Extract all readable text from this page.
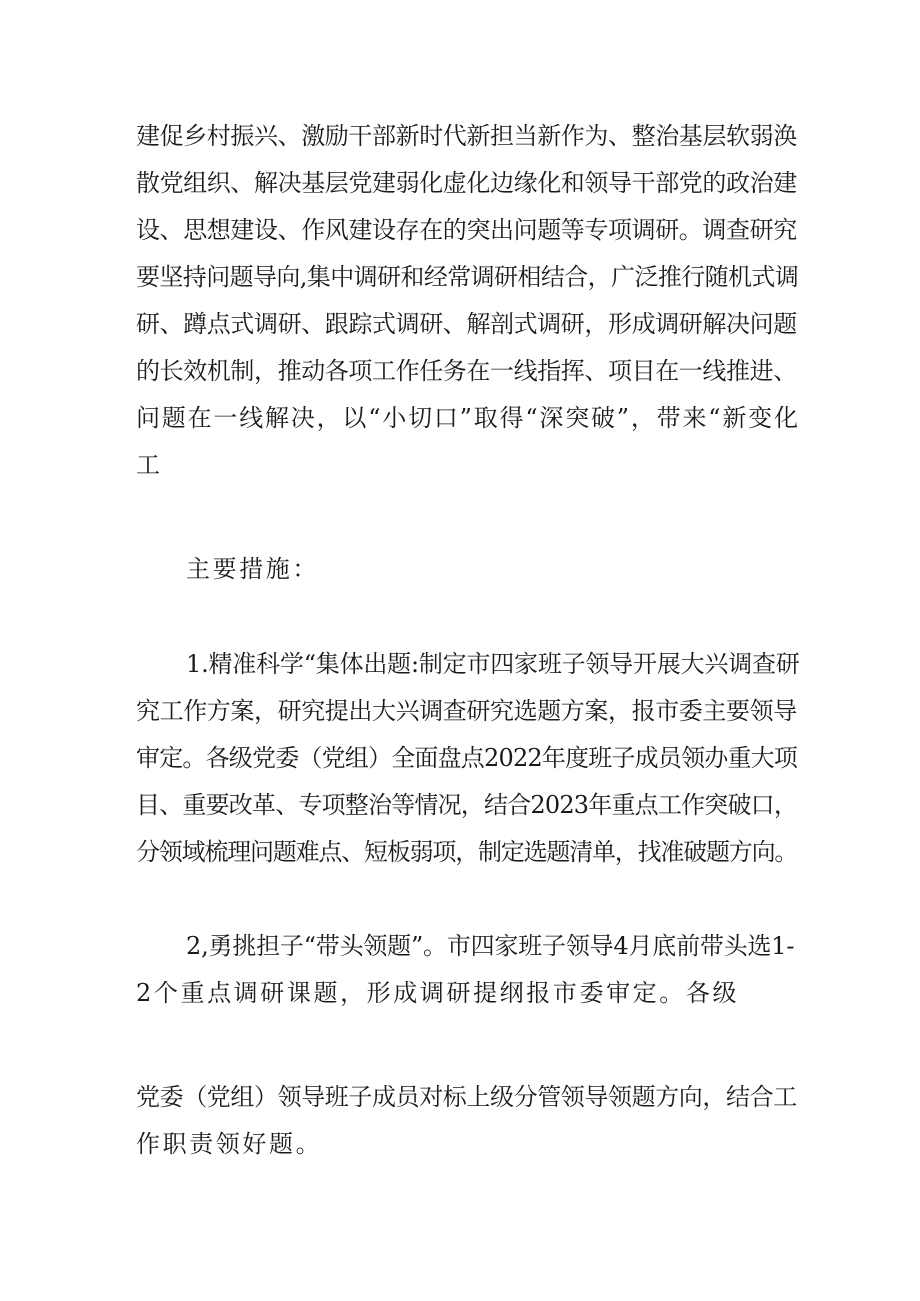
建促乡村振兴、激励干部新时代新担当新作为、整治基层软弱涣
散党组织、解决基层党建弱化虚化边缘化和领导干部党的政治建
设、思想建设、作风建设存在的突出问题等专项调研。调查研究
要坚持问题导向,集中调研和经常调研相结合，广泛推行随机式调
研、蹲点式调研、跟踪式调研、解剖式调研，形成调研解决问题
的长效机制，推动各项工作任务在一线指挥、项目在一线推进、
问题在一线解决，以“小切口”取得“深突破”，带来“新变化
工
主要措施：
1.精准科学“集体出题:制定市四家班子领导开展大兴调查研
究工作方案，研究提出大兴调查研究选题方案，报市委主要领导
审定。各级党委（党组）全面盘点2022年度班子成员领办重大项
目、重要改革、专项整治等情况，结合2023年重点工作突破口，
分领域梳理问题难点、短板弱项，制定选题清单，找准破题方向。
2,勇挑担子“带头领题”。市四家班子领导4月底前带头选1-
2个重点调研课题，形成调研提纲报市委审定。各级
党委（党组）领导班子成员对标上级分管领导领题方向，结合工
作职责领好题。
